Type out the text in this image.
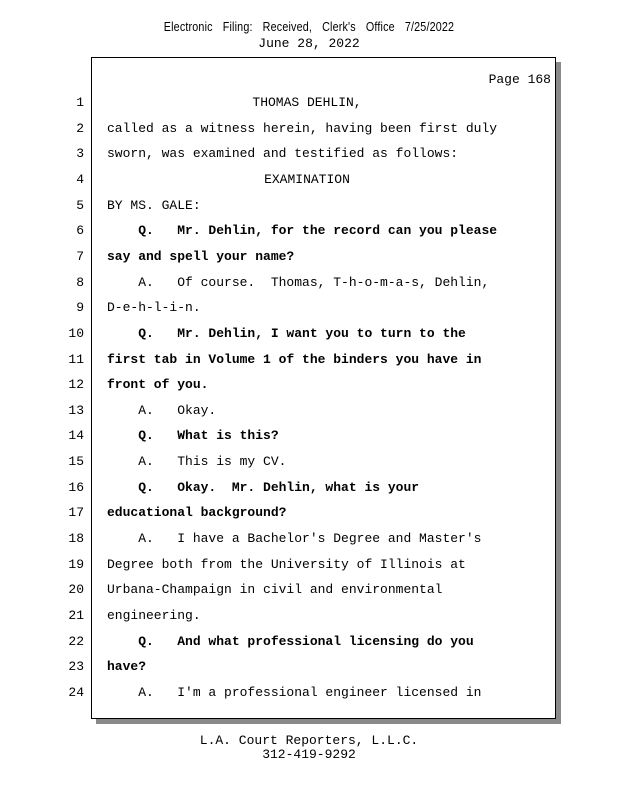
Electronic Filing: Received, Clerk's Office 7/25/2022
June 28, 2022
Page 168
1	THOMAS DEHLIN,
2 called as a witness herein, having been first duly
3 sworn, was examined and testified as follows:
4	EXAMINATION
5 BY MS. GALE:
6 Q.   Mr. Dehlin, for the record can you please
7 say and spell your name?
8 A.   Of course.  Thomas, T-h-o-m-a-s, Dehlin,
9 D-e-h-l-i-n.
10 Q.   Mr. Dehlin, I want you to turn to the
11 first tab in Volume 1 of the binders you have in
12 front of you.
13 A.   Okay.
14 Q.   What is this?
15 A.   This is my CV.
16 Q.   Okay.  Mr. Dehlin, what is your
17 educational background?
18 A.   I have a Bachelor's Degree and Master's
19 Degree both from the University of Illinois at
20 Urbana-Champaign in civil and environmental
21 engineering.
22 Q.   And what professional licensing do you
23 have?
24 A.   I'm a professional engineer licensed in
L.A. Court Reporters, L.L.C.
312-419-9292
